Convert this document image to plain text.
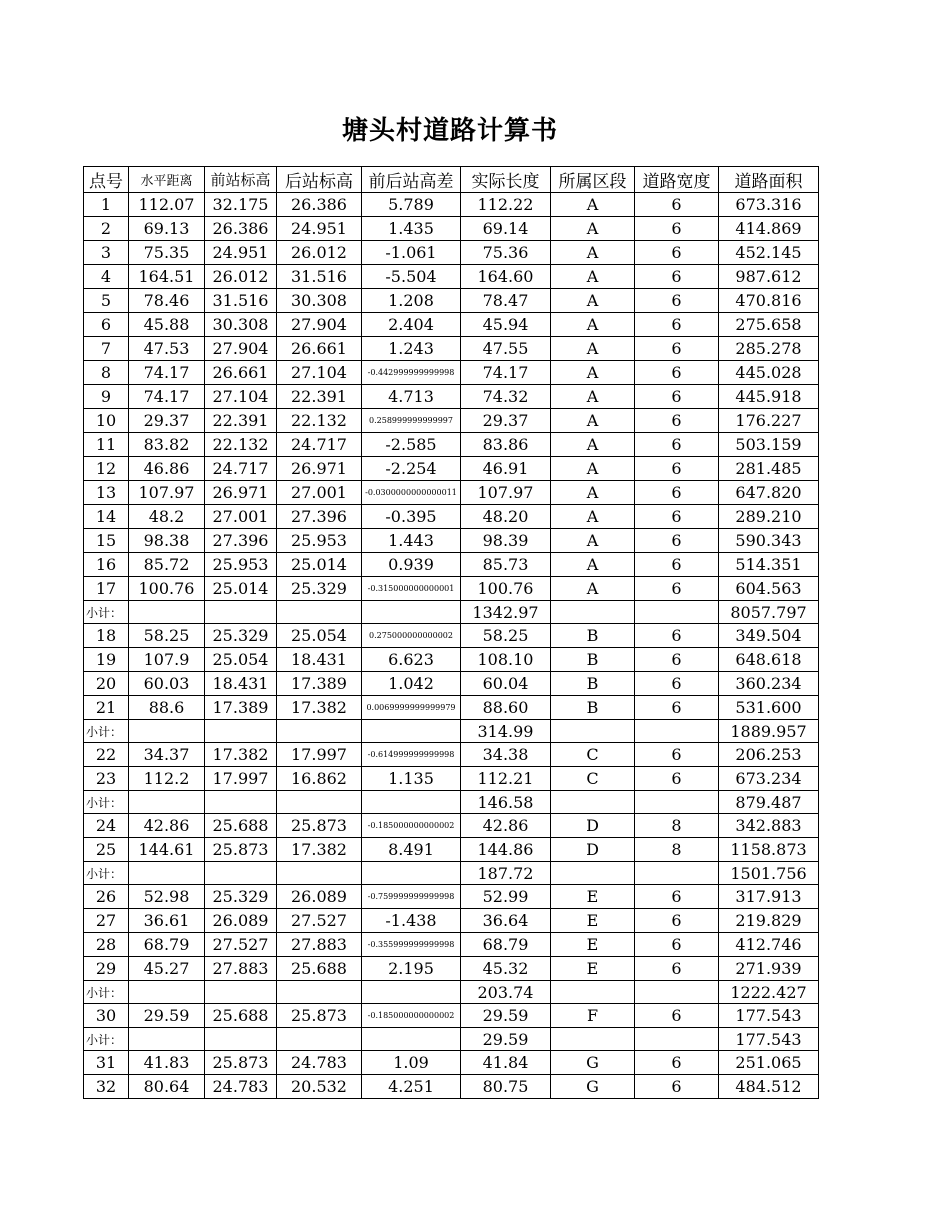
塘头村道路计算书
点号	水平距离	前站标高	后站标高	前后站高差	实际长度	所属区段	道路宽度	道路面积
1	112.07	32.175	26.386	5.789	112.22	A	6	673.316
2	69.13	26.386	24.951	1.435	69.14	A	6	414.869
3	75.35	24.951	26.012	-1.061	75.36	A	6	452.145
4	164.51	26.012	31.516	-5.504	164.60	A	6	987.612
5	78.46	31.516	30.308	1.208	78.47	A	6	470.816
6	45.88	30.308	27.904	2.404	45.94	A	6	275.658
7	47.53	27.904	26.661	1.243	47.55	A	6	285.278
8	74.17	26.661	27.104	-0.442999999999998	74.17	A	6	445.028
9	74.17	27.104	22.391	4.713	74.32	A	6	445.918
10	29.37	22.391	22.132	0.258999999999997	29.37	A	6	176.227
11	83.82	22.132	24.717	-2.585	83.86	A	6	503.159
12	46.86	24.717	26.971	-2.254	46.91	A	6	281.485
13	107.97	26.971	27.001	-0.0300000000000011	107.97	A	6	647.820
14	48.2	27.001	27.396	-0.395	48.20	A	6	289.210
15	98.38	27.396	25.953	1.443	98.39	A	6	590.343
16	85.72	25.953	25.014	0.939	85.73	A	6	514.351
17	100.76	25.014	25.329	-0.315000000000001	100.76	A	6	604.563
小计：					1342.97			8057.797
18	58.25	25.329	25.054	0.275000000000002	58.25	B	6	349.504
19	107.9	25.054	18.431	6.623	108.10	B	6	648.618
20	60.03	18.431	17.389	1.042	60.04	B	6	360.234
21	88.6	17.389	17.382	0.0069999999999979	88.60	B	6	531.600
小计：					314.99			1889.957
22	34.37	17.382	17.997	-0.614999999999998	34.38	C	6	206.253
23	112.2	17.997	16.862	1.135	112.21	C	6	673.234
小计：					146.58			879.487
24	42.86	25.688	25.873	-0.185000000000002	42.86	D	8	342.883
25	144.61	25.873	17.382	8.491	144.86	D	8	1158.873
小计：					187.72			1501.756
26	52.98	25.329	26.089	-0.759999999999998	52.99	E	6	317.913
27	36.61	26.089	27.527	-1.438	36.64	E	6	219.829
28	68.79	27.527	27.883	-0.355999999999998	68.79	E	6	412.746
29	45.27	27.883	25.688	2.195	45.32	E	6	271.939
小计：					203.74			1222.427
30	29.59	25.688	25.873	-0.185000000000002	29.59	F	6	177.543
小计：					29.59			177.543
31	41.83	25.873	24.783	1.09	41.84	G	6	251.065
32	80.64	24.783	20.532	4.251	80.75	G	6	484.512
